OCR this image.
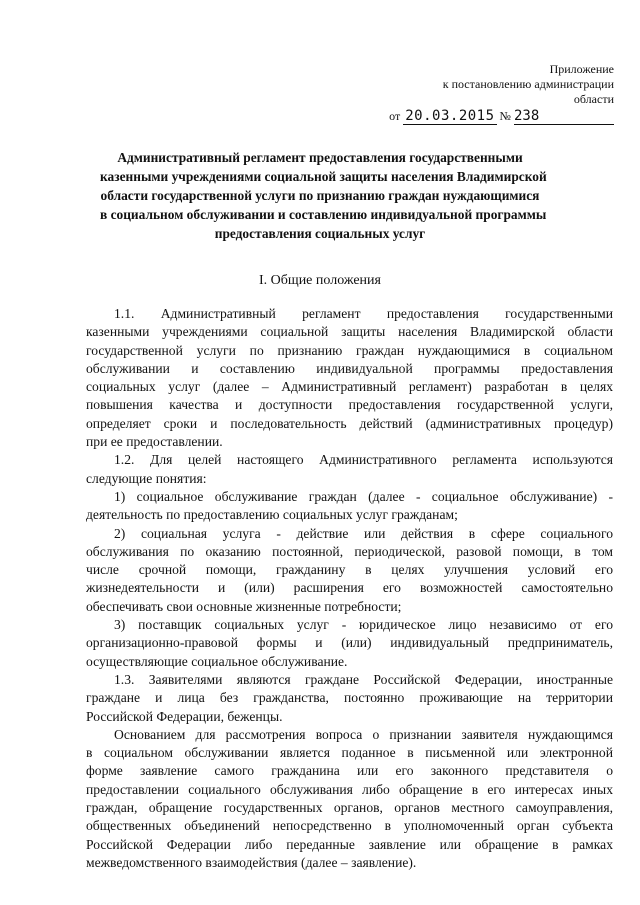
Приложение
к постановлению администрации
области
от 20.03.2015 № 238
Административный регламент предоставления государственными
казенными учреждениями социальной защиты населения Владимирской
области государственной услуги по признанию граждан нуждающимися
в социальном обслуживании и составлению индивидуальной программы
предоставления социальных услуг
I. Общие положения
1.1. Административный регламент предоставления государственными
казенными учреждениями социальной защиты населения Владимирской области
государственной услуги по признанию граждан нуждающимися в социальном
обслуживании и составлению индивидуальной программы предоставления
социальных услуг (далее – Административный регламент) разработан в целях
повышения качества и доступности предоставления государственной услуги,
определяет сроки и последовательность действий (административных процедур)
при ее предоставлении.
1.2. Для целей настоящего Административного регламента используются
следующие понятия:
1) социальное обслуживание граждан (далее - социальное обслуживание) -
деятельность по предоставлению социальных услуг гражданам;
2) социальная услуга - действие или действия в сфере социального
обслуживания по оказанию постоянной, периодической, разовой помощи, в том
числе срочной помощи, гражданину в целях улучшения условий его
жизнедеятельности и (или) расширения его возможностей самостоятельно
обеспечивать свои основные жизненные потребности;
3) поставщик социальных услуг - юридическое лицо независимо от его
организационно-правовой формы и (или) индивидуальный предприниматель,
осуществляющие социальное обслуживание.
1.3. Заявителями являются граждане Российской Федерации, иностранные
граждане и лица без гражданства, постоянно проживающие на территории
Российской Федерации, беженцы.
Основанием для рассмотрения вопроса о признании заявителя нуждающимся
в социальном обслуживании является поданное в письменной или электронной
форме заявление самого гражданина или его законного представителя о
предоставлении социального обслуживания либо обращение в его интересах иных
граждан, обращение государственных органов, органов местного самоуправления,
общественных объединений непосредственно в уполномоченный орган субъекта
Российской Федерации либо переданные заявление или обращение в рамках
межведомственного взаимодействия (далее – заявление).
